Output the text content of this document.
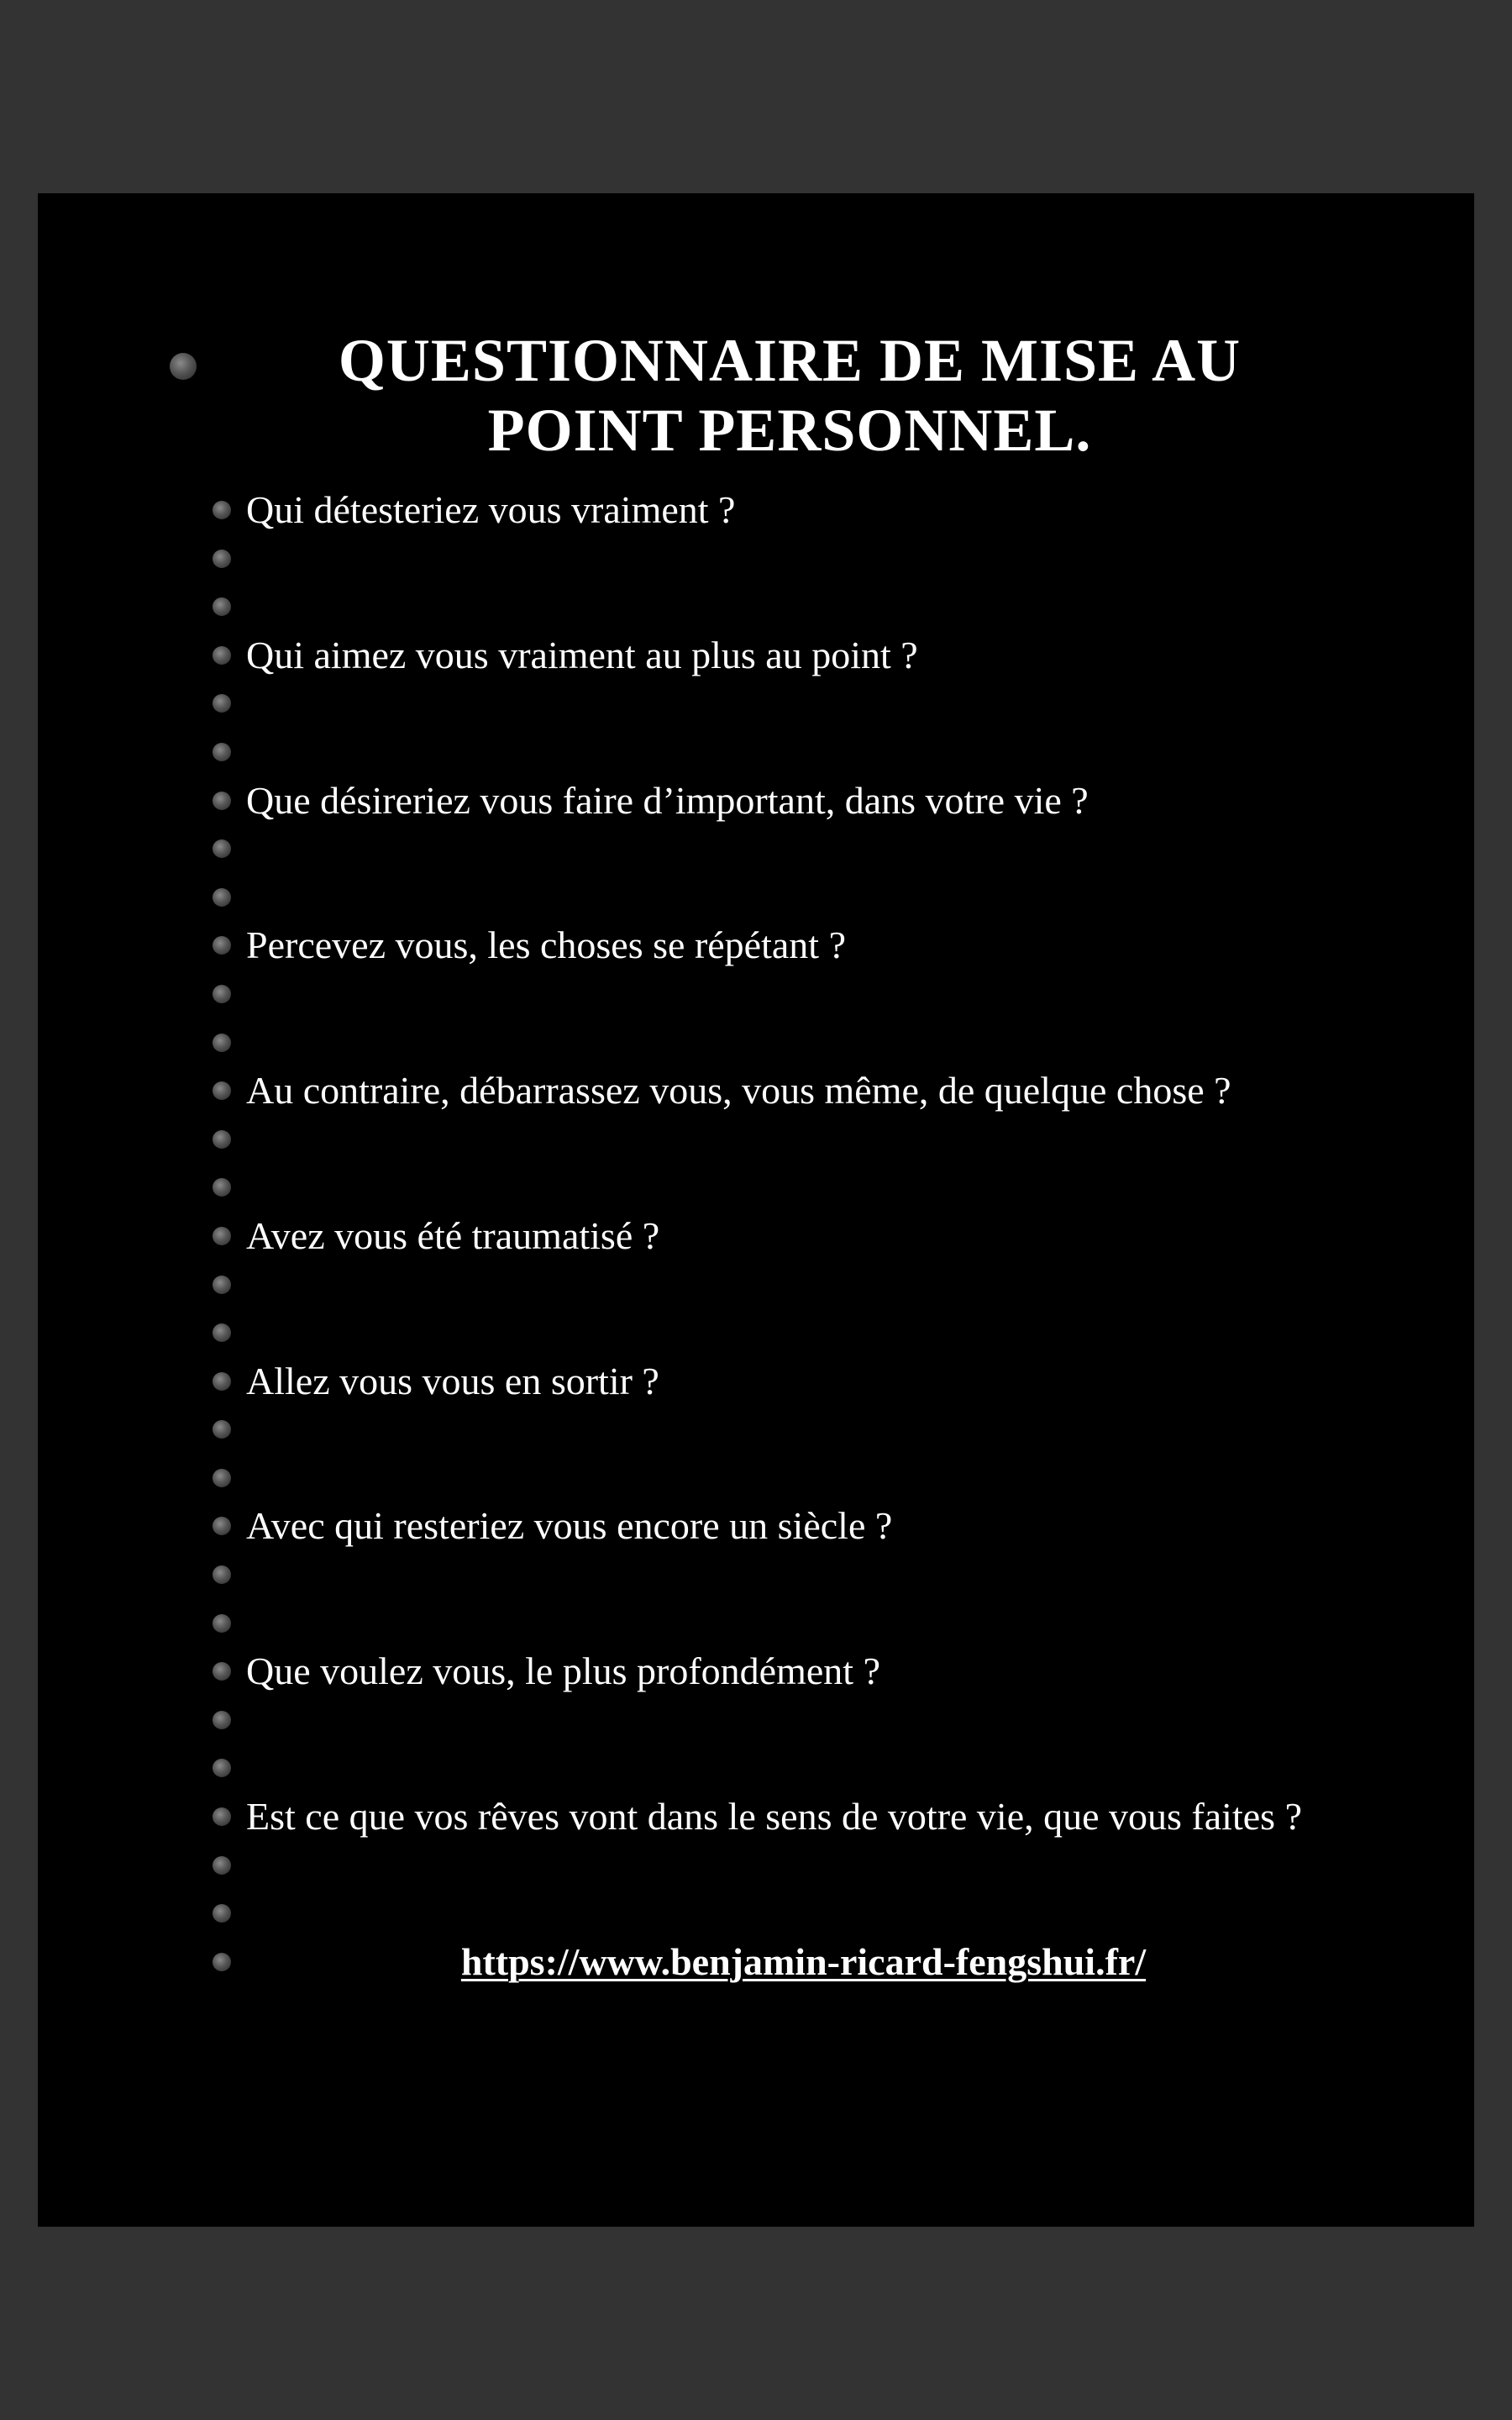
QUESTIONNAIRE DE MISE AU
POINT PERSONNEL.
Qui détesteriez vous vraiment ?
Qui aimez vous vraiment au plus au point ?
Que désireriez vous faire d’important, dans votre vie ?
Percevez vous, les choses se répétant ?
Au contraire, débarrassez vous, vous même, de quelque chose ?
Avez vous été traumatisé ?
Allez vous vous en sortir ?
Avec qui resteriez vous encore un siècle ?
Que voulez vous, le plus profondément ?
Est ce que vos rêves vont dans le sens de votre vie, que vous faites ?
https://www.benjamin-ricard-fengshui.fr/
